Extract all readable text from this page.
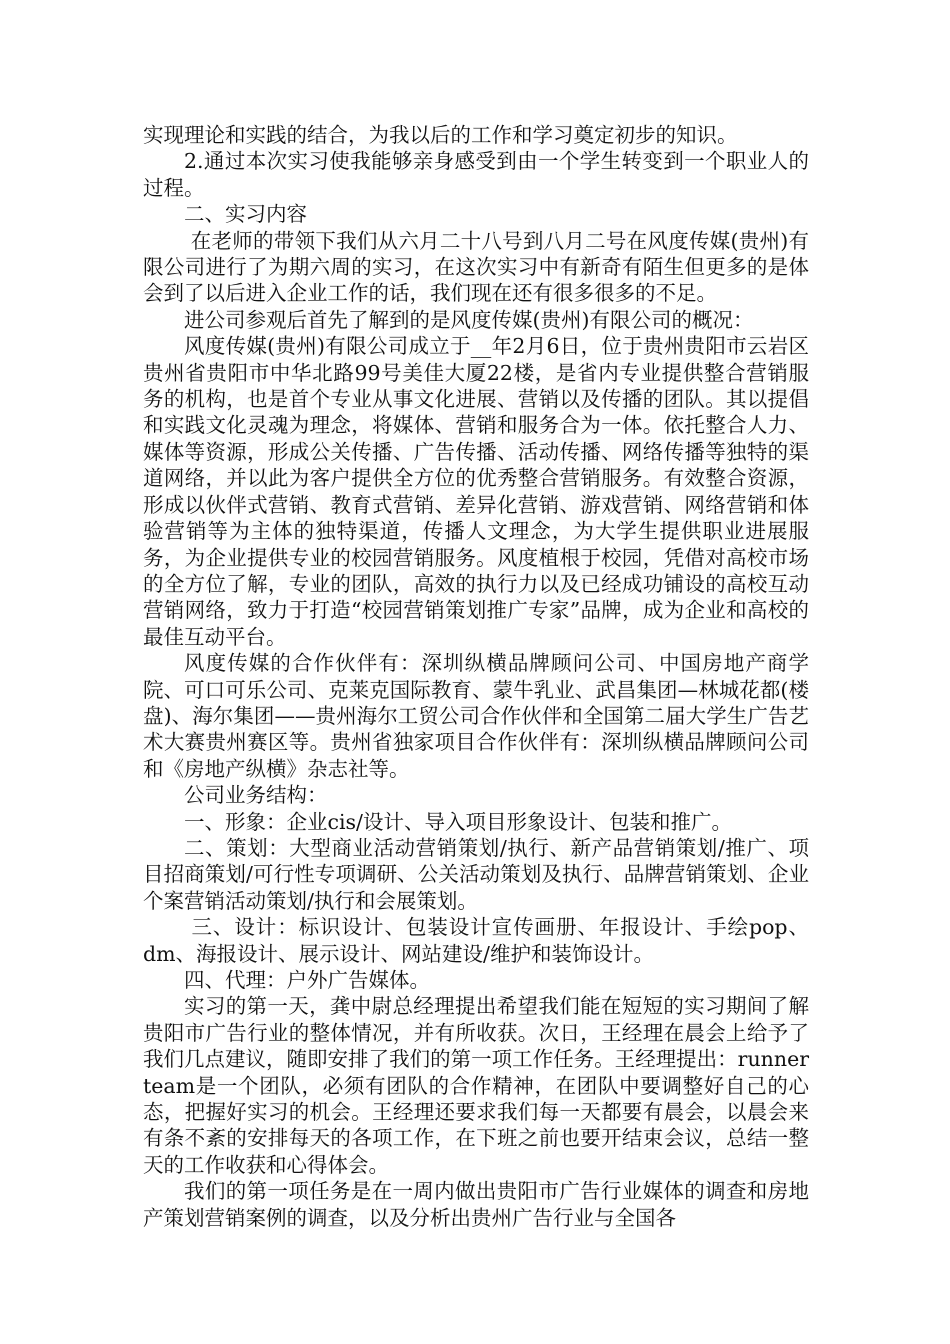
实现理论和实践的结合，为我以后的工作和学习奠定初步的知识。

2.通过本次实习使我能够亲身感受到由一个学生转变到一个职业人的过程。

二、实习内容

在老师的带领下我们从六月二十八号到八月二号在风度传媒(贵州)有限公司进行了为期六周的实习，在这次实习中有新奇有陌生但更多的是体会到了以后进入企业工作的话，我们现在还有很多很多的不足。

进公司参观后首先了解到的是风度传媒(贵州)有限公司的概况：

风度传媒(贵州)有限公司成立于__年2月6日，位于贵州贵阳市云岩区贵州省贵阳市中华北路99号美佳大厦22楼，是省内专业提供整合营销服务的机构，也是首个专业从事文化进展、营销以及传播的团队。其以提倡和实践文化灵魂为理念，将媒体、营销和服务合为一体。依托整合人力、媒体等资源，形成公关传播、广告传播、活动传播、网络传播等独特的渠道网络，并以此为客户提供全方位的优秀整合营销服务。有效整合资源，形成以伙伴式营销、教育式营销、差异化营销、游戏营销、网络营销和体验营销等为主体的独特渠道，传播人文理念，为大学生提供职业进展服务，为企业提供专业的校园营销服务。风度植根于校园，凭借对高校市场的全方位了解，专业的团队，高效的执行力以及已经成功铺设的高校互动营销网络，致力于打造“校园营销策划推广专家”品牌，成为企业和高校的最佳互动平台。

风度传媒的合作伙伴有：深圳纵横品牌顾问公司、中国房地产商学院、可口可乐公司、克莱克国际教育、蒙牛乳业、武昌集团—林城花都(楼盘)、海尔集团——贵州海尔工贸公司合作伙伴和全国第二届大学生广告艺术大赛贵州赛区等。贵州省独家项目合作伙伴有：深圳纵横品牌顾问公司和《房地产纵横》杂志社等。

公司业务结构：

一、形象：企业cis/设计、导入项目形象设计、包装和推广。

二、策划：大型商业活动营销策划/执行、新产品营销策划/推广、项目招商策划/可行性专项调研、公关活动策划及执行、品牌营销策划、企业个案营销活动策划/执行和会展策划。

三、设计：标识设计、包装设计宣传画册、年报设计、手绘pop、dm、海报设计、展示设计、网站建设/维护和装饰设计。

四、代理：户外广告媒体。

实习的第一天，龚中尉总经理提出希望我们能在短短的实习期间了解贵阳市广告行业的整体情况，并有所收获。次日，王经理在晨会上给予了我们几点建议，随即安排了我们的第一项工作任务。王经理提出：runner team是一个团队，必须有团队的合作精神，在团队中要调整好自己的心态，把握好实习的机会。王经理还要求我们每一天都要有晨会，以晨会来有条不紊的安排每天的各项工作，在下班之前也要开结束会议，总结一整天的工作收获和心得体会。

我们的第一项任务是在一周内做出贵阳市广告行业媒体的调查和房地产策划营销案例的调查，以及分析出贵州广告行业与全国各
